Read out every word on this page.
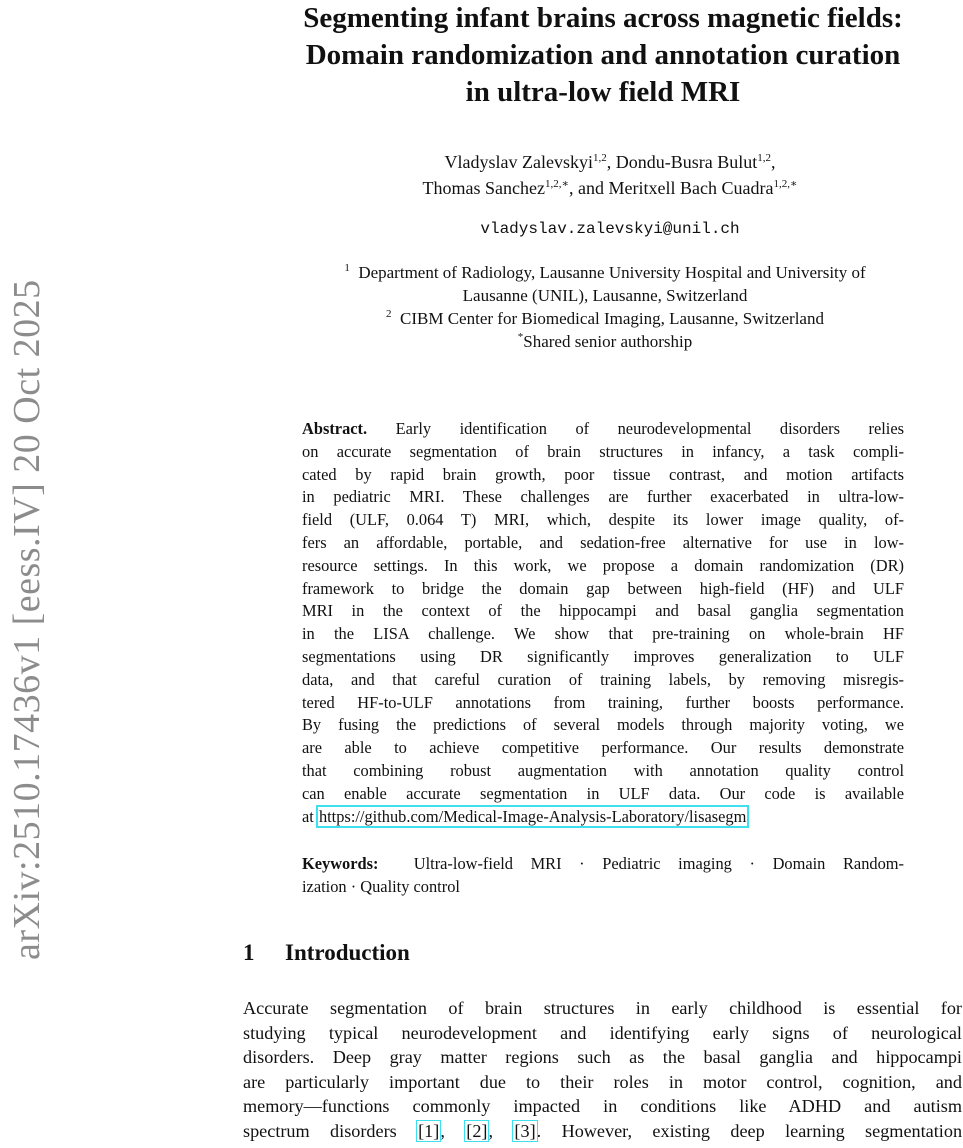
arXiv:2510.17436v1 [eess.IV] 20 Oct 2025
Segmenting infant brains across magnetic fields:
Domain randomization and annotation curation
in ultra-low field MRI
Vladyslav Zalevskyi$^{1,2}$, Dondu-Busra Bulut$^{1,2}$,
Thomas Sanchez$^{1,2,∗}$, and Meritxell Bach Cuadra$^{1,2,∗}$
vladyslav.zalevskyi@unil.ch
$^1$ Department of Radiology, Lausanne University Hospital and University of
Lausanne (UNIL), Lausanne, Switzerland
$^2$ CIBM Center for Biomedical Imaging, Lausanne, Switzerland
*Shared senior authorship
Abstract. Early identification of neurodevelopmental disorders relies
on accurate segmentation of brain structures in infancy, a task compli-
cated by rapid brain growth, poor tissue contrast, and motion artifacts
in pediatric MRI. These challenges are further exacerbated in ultra-low-
field (ULF, 0.064 T) MRI, which, despite its lower image quality, of-
fers an affordable, portable, and sedation-free alternative for use in low-
resource settings. In this work, we propose a domain randomization (DR)
framework to bridge the domain gap between high-field (HF) and ULF
MRI in the context of the hippocampi and basal ganglia segmentation
in the LISA challenge. We show that pre-training on whole-brain HF
segmentations using DR significantly improves generalization to ULF
data, and that careful curation of training labels, by removing misregis-
tered HF-to-ULF annotations from training, further boosts performance.
By fusing the predictions of several models through majority voting, we
are able to achieve competitive performance. Our results demonstrate
that combining robust augmentation with annotation quality control
can enable accurate segmentation in ULF data. Our code is available
at https://github.com/Medical-Image-Analysis-Laboratory/lisasegm
Keywords: Ultra-low-field MRI · Pediatric imaging · Domain Random-
ization · Quality control
1 Introduction
Accurate segmentation of brain structures in early childhood is essential for
studying typical neurodevelopment and identifying early signs of neurological
disorders. Deep gray matter regions such as the basal ganglia and hippocampi
are particularly important due to their roles in motor control, cognition, and
memory—functions commonly impacted in conditions like ADHD and autism
spectrum disorders [1], [2], [3]. However, existing deep learning segmentation
